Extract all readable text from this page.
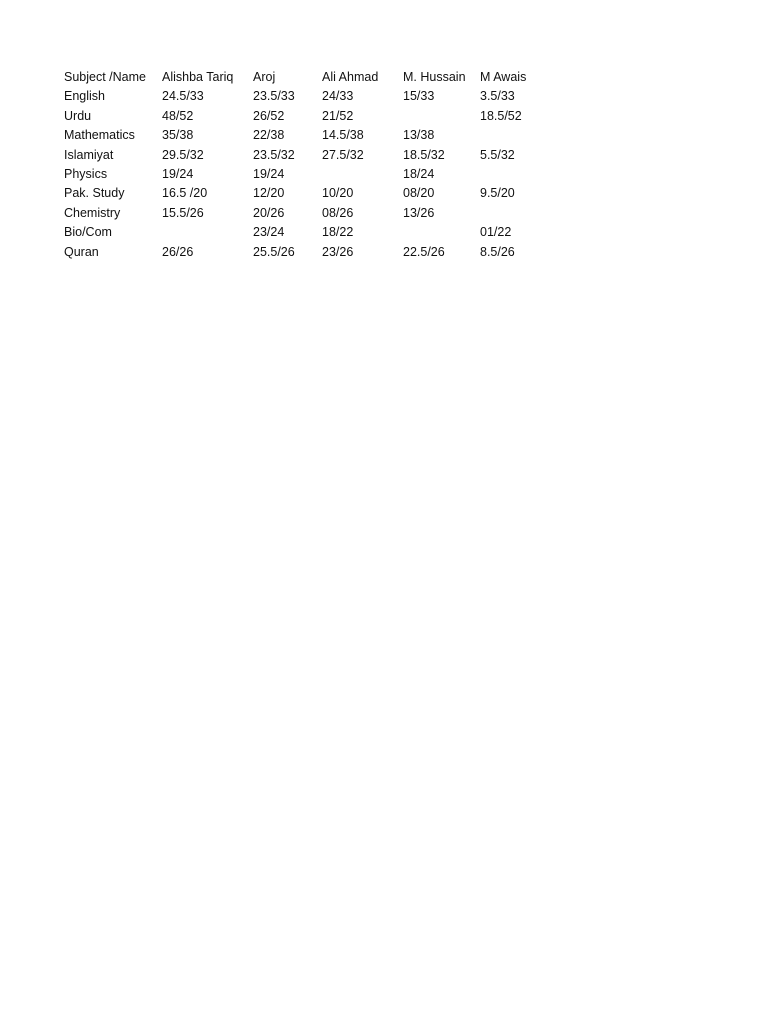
Subject /Name	Alishba Tariq	Aroj	Ali Ahmad	M. Hussain	M Awais
English	24.5/33	23.5/33	24/33	15/33	3.5/33
Urdu	48/52	26/52	21/52		18.5/52
Mathematics	35/38	22/38	14.5/38	13/38	
Islamiyat	29.5/32	23.5/32	27.5/32	18.5/32	5.5/32
Physics	19/24	19/24		18/24	
Pak. Study	16.5 /20	12/20	10/20	08/20	9.5/20
Chemistry	15.5/26	20/26	08/26	13/26	
Bio/Com		23/24	18/22		01/22
Quran	26/26	25.5/26	23/26	22.5/26	8.5/26
